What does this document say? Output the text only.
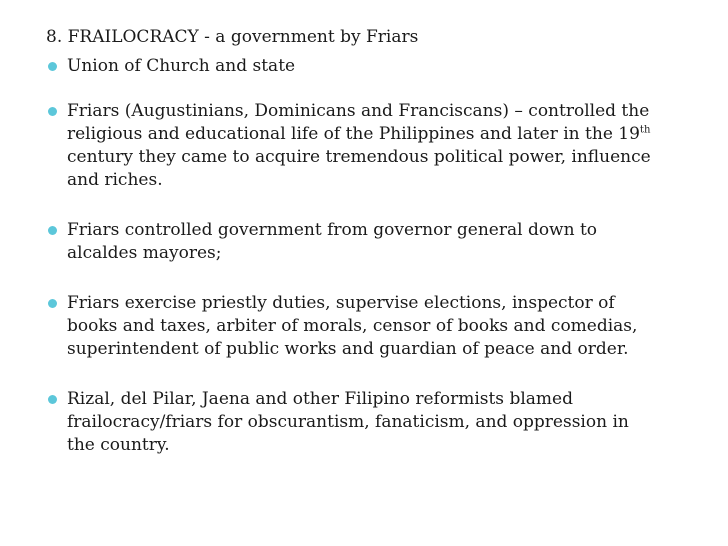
8. FRAILOCRACY - a government by Friars
Union of Church and state
Friars (Augustinians, Dominicans and Franciscans) – controlled the
religious and educational life of the Philippines and later in the 19th
century they came to acquire tremendous political power, influence
and riches.
Friars controlled government from governor general down to
alcaldes mayores;
Friars exercise priestly duties, supervise elections, inspector of
books and taxes, arbiter of morals, censor of books and comedias,
superintendent of public works and guardian of peace and order.
Rizal, del Pilar, Jaena and other Filipino reformists blamed
frailocracy/friars for obscurantism, fanaticism, and oppression in
the country.
